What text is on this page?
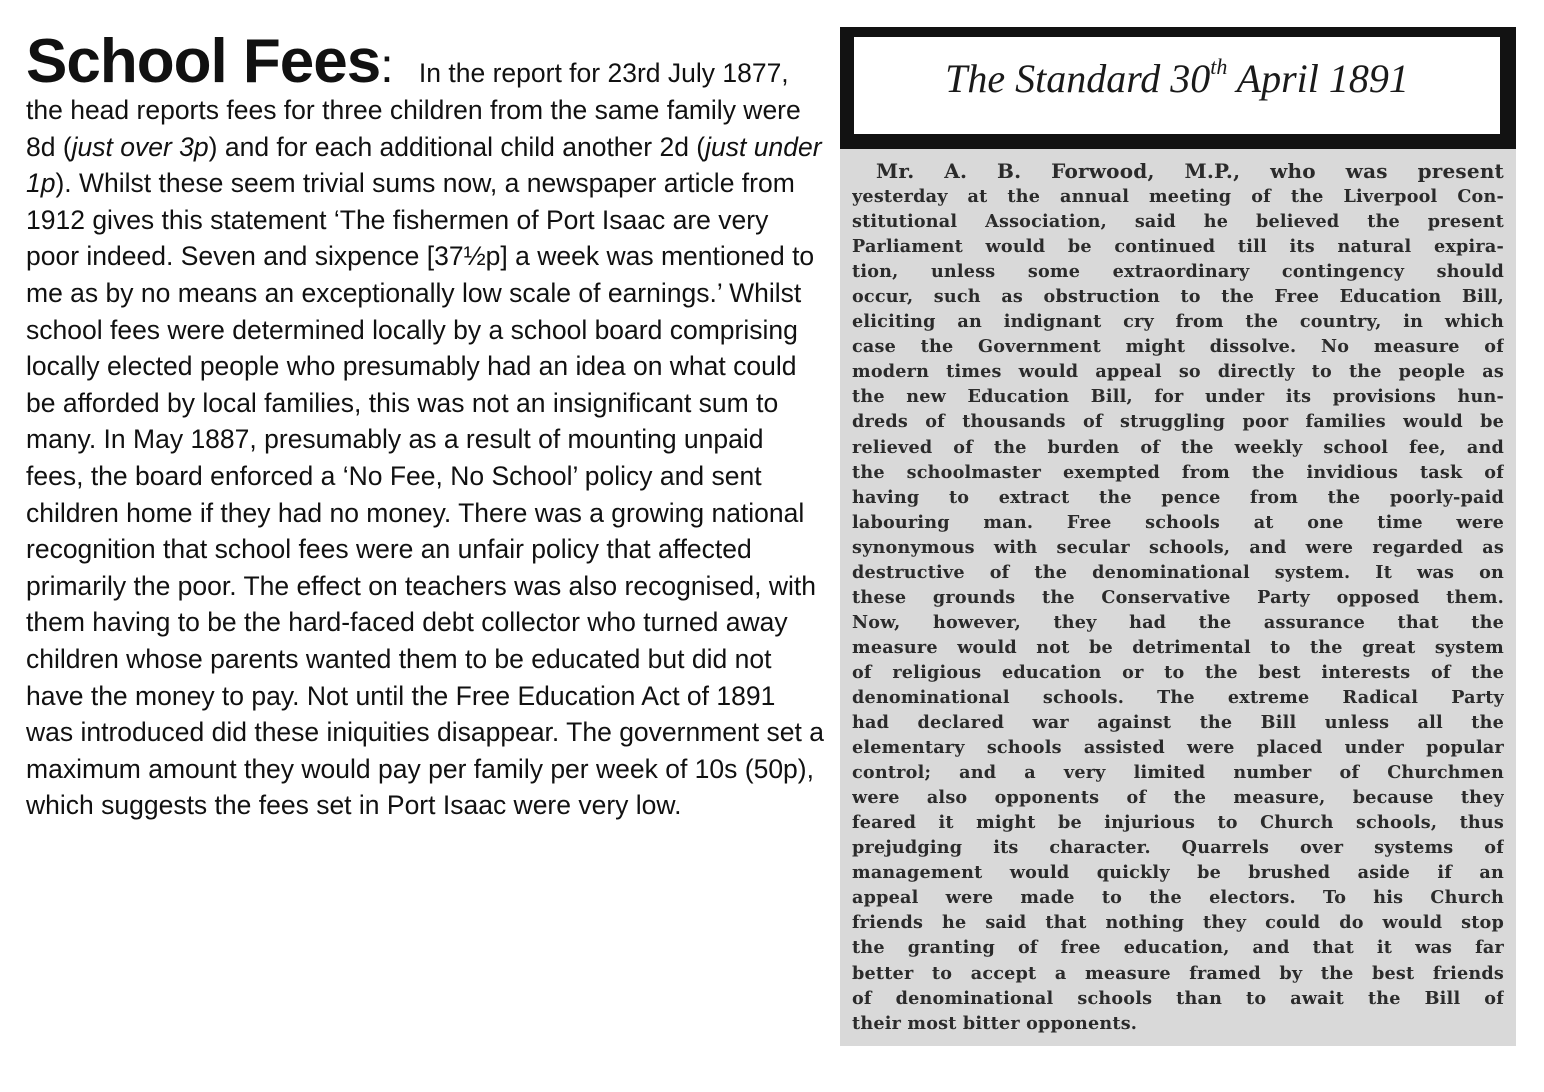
School Fees: In the report for 23rd July 1877, the head reports fees for three children from the same family were 8d (just over 3p) and for each additional child another 2d (just under 1p). Whilst these seem trivial sums now, a newspaper article from 1912 gives this statement ‘The fishermen of Port Isaac are very poor indeed. Seven and sixpence [37½p] a week was mentioned to me as by no means an exceptionally low scale of earnings.’ Whilst school fees were determined locally by a school board comprising locally elected people who presumably had an idea on what could be afforded by local families, this was not an insignificant sum to many. In May 1887, presumably as a result of mounting unpaid fees, the board enforced a ‘No Fee, No School’ policy and sent children home if they had no money. There was a growing national recognition that school fees were an unfair policy that affected primarily the poor. The effect on teachers was also recognised, with them having to be the hard-faced debt collector who turned away children whose parents wanted them to be educated but did not have the money to pay. Not until the Free Education Act of 1891 was introduced did these iniquities disappear. The government set a maximum amount they would pay per family per week of 10s (50p), which suggests the fees set in Port Isaac were very low.

The Standard 30th April 1891
Mr. A. B. Forwood, M.P., who was present
yesterday at the annual meeting of the Liverpool Con-
stitutional Association, said he believed the present
Parliament would be continued till its natural expira-
tion, unless some extraordinary contingency should
occur, such as obstruction to the Free Education Bill,
eliciting an indignant cry from the country, in which
case the Government might dissolve. No measure of
modern times would appeal so directly to the people as
the new Education Bill, for under its provisions hun-
dreds of thousands of struggling poor families would be
relieved of the burden of the weekly school fee, and
the schoolmaster exempted from the invidious task of
having to extract the pence from the poorly-paid
labouring man. Free schools at one time were
synonymous with secular schools, and were regarded as
destructive of the denominational system. It was on
these grounds the Conservative Party opposed them.
Now, however, they had the assurance that the
measure would not be detrimental to the great system
of religious education or to the best interests of the
denominational schools. The extreme Radical Party
had declared war against the Bill unless all the
elementary schools assisted were placed under popular
control; and a very limited number of Churchmen
were also opponents of the measure, because they
feared it might be injurious to Church schools, thus
prejudging its character. Quarrels over systems of
management would quickly be brushed aside if an
appeal were made to the electors. To his Church
friends he said that nothing they could do would stop
the granting of free education, and that it was far
better to accept a measure framed by the best friends
of denominational schools than to await the Bill of
their most bitter opponents.
